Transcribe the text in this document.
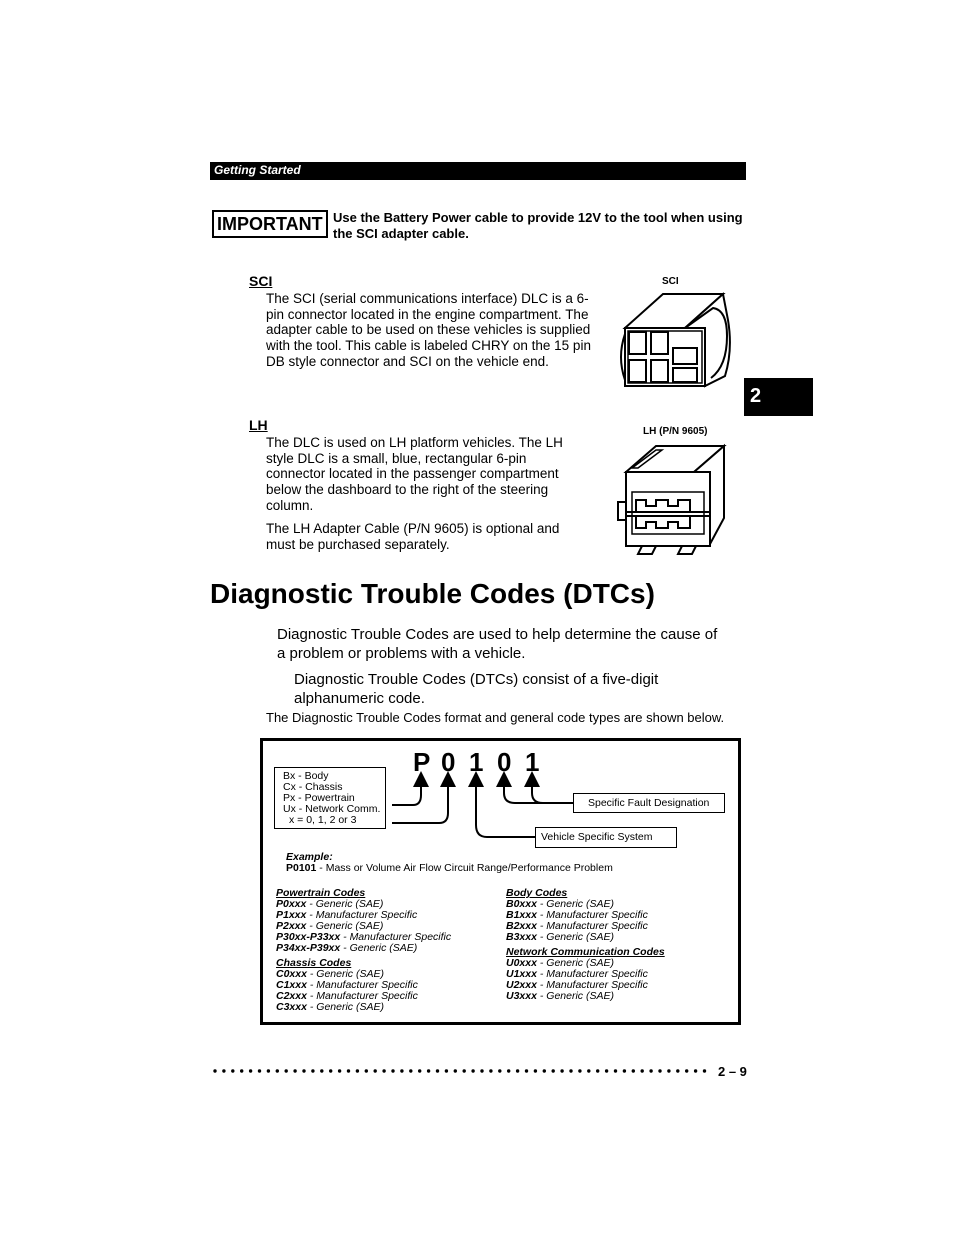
Getting Started
IMPORTANT Use the Battery Power cable to provide 12V to the tool when using the SCI adapter cable.
SCI
The SCI (serial communications interface) DLC is a 6-pin connector located in the engine compartment. The adapter cable to be used on these vehicles is supplied with the tool. This cable is labeled CHRY on the 15 pin DB style connector and SCI on the vehicle end.
SCI
2
LH
The DLC is used on LH platform vehicles. The LH style DLC is a small, blue, rectangular 6-pin connector located in the passenger compartment below the dashboard to the right of the steering column.
The LH Adapter Cable (P/N 9605) is optional and must be purchased separately.
LH (P/N 9605)
Diagnostic Trouble Codes (DTCs)
Diagnostic Trouble Codes are used to help determine the cause of a problem or problems with a vehicle.
Diagnostic Trouble Codes (DTCs) consist of a five-digit alphanumeric code.
The Diagnostic Trouble Codes format and general code types are shown below.
P 0 1 0 1
Bx - Body
Cx - Chassis
Px - Powertrain
Ux - Network Comm.
x = 0, 1, 2 or 3
Specific Fault Designation
Vehicle Specific System
Example:
P0101 - Mass or Volume Air Flow Circuit Range/Performance Problem
Powertrain Codes
P0xxx - Generic (SAE)
P1xxx - Manufacturer Specific
P2xxx - Generic (SAE)
P30xx-P33xx - Manufacturer Specific
P34xx-P39xx - Generic (SAE)
Chassis Codes
C0xxx - Generic (SAE)
C1xxx - Manufacturer Specific
C2xxx - Manufacturer Specific
C3xxx - Generic (SAE)
Body Codes
B0xxx - Generic (SAE)
B1xxx - Manufacturer Specific
B2xxx - Manufacturer Specific
B3xxx - Generic (SAE)
Network Communication Codes
U0xxx - Generic (SAE)
U1xxx - Manufacturer Specific
U2xxx - Manufacturer Specific
U3xxx - Generic (SAE)
2 – 9
